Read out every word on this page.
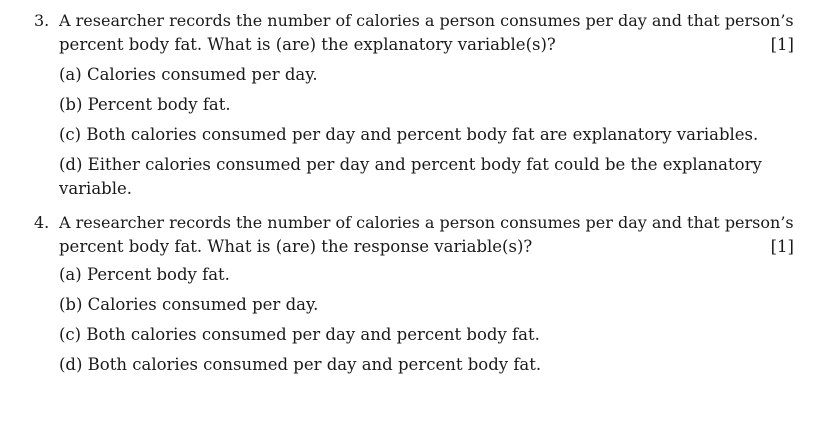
3. A researcher records the number of calories a person consumes per day and that person’s
percent body fat. What is (are) the explanatory variable(s)?	[1]
(a) Calories consumed per day.
(b) Percent body fat.
(c) Both calories consumed per day and percent body fat are explanatory variables.
(d) Either calories consumed per day and percent body fat could be the explanatory
variable.
4. A researcher records the number of calories a person consumes per day and that person’s
percent body fat. What is (are) the response variable(s)?	[1]
(a) Percent body fat.
(b) Calories consumed per day.
(c) Both calories consumed per day and percent body fat.
(d) Both calories consumed per day and percent body fat.
